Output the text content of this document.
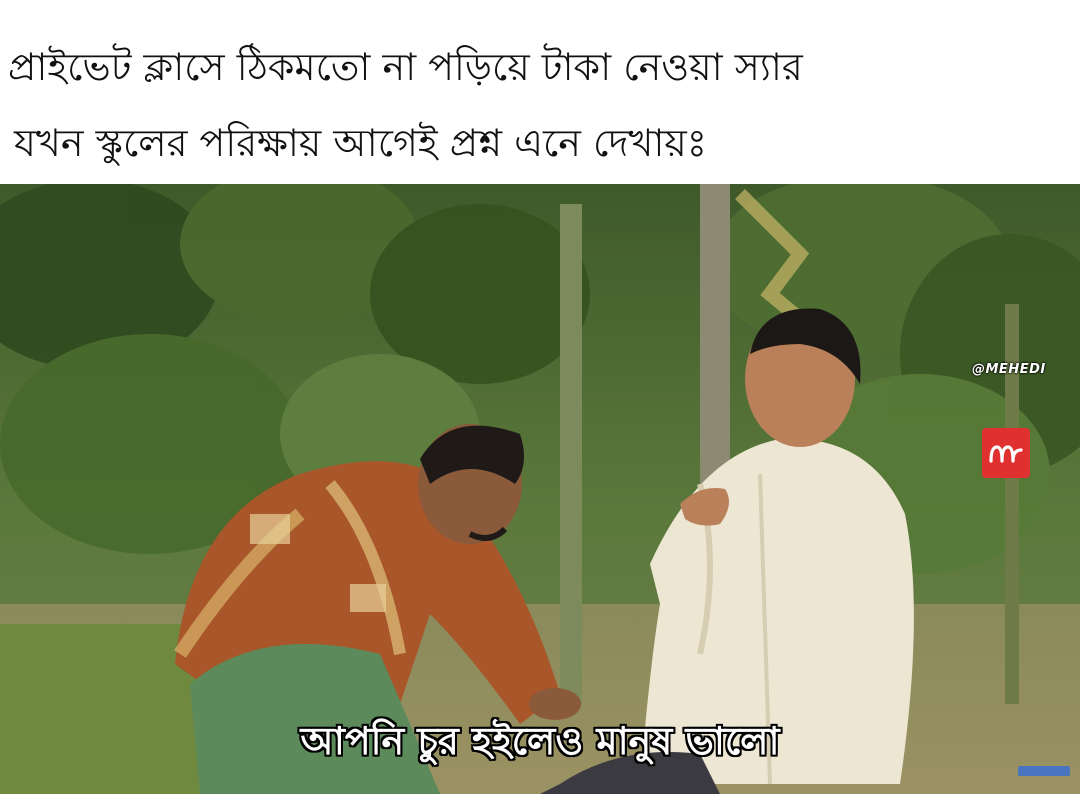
প্রাইভেট ক্লাসে ঠিকমতো না পড়িয়ে টাকা নেওয়া স্যার

যখন স্কুলের পরিক্ষায় আগেই প্রশ্ন এনে দেখায়ঃ

@MEHEDI

আপনি চুর হইলেও মানুষ ভালো
